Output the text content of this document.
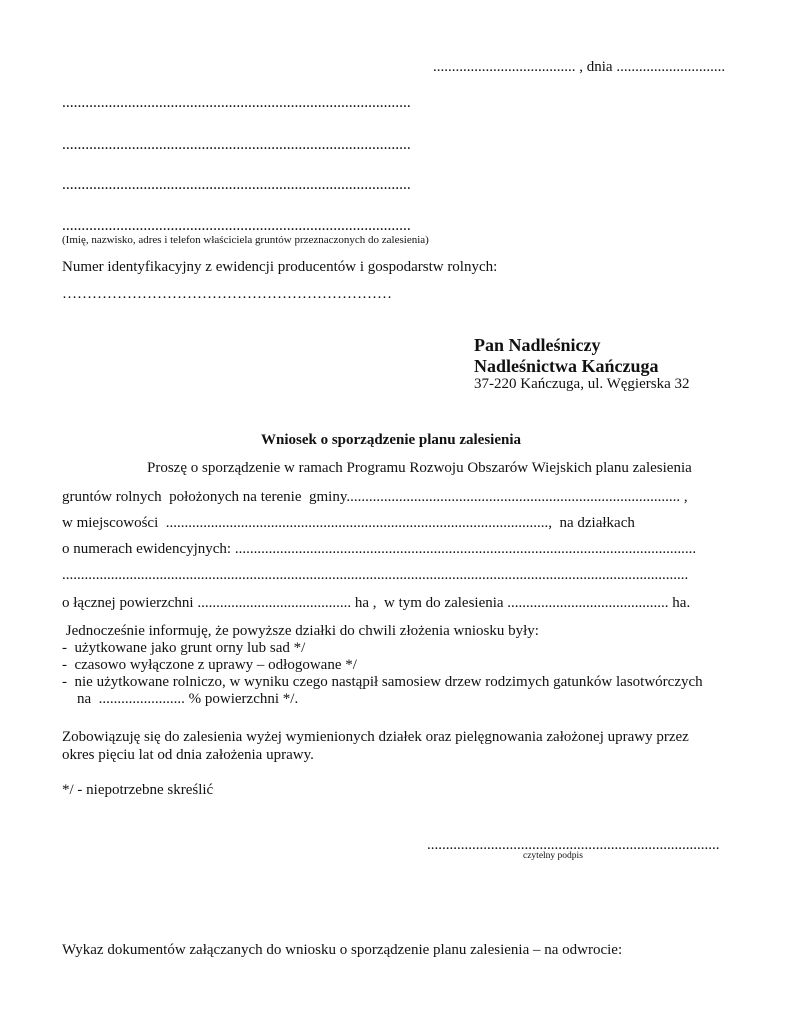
...................................... , dnia .............................
..........................................................................................
..........................................................................................
..........................................................................................
..........................................................................................
(Imię, nazwisko, adres i telefon właściciela gruntów przeznaczonych do zalesienia)
Numer identyfikacyjny z ewidencji producentów i gospodarstw rolnych:
…………………………………………………………
Pan Nadleśniczy
Nadleśnictwa Kańczuga
37-220 Kańczuga, ul. Węgierska 32
Wniosek o sporządzenie planu zalesienia
Proszę o sporządzenie w ramach Programu Rozwoju Obszarów Wiejskich planu zalesienia
gruntów rolnych  położonych na terenie  gminy......................................................................................... ,
w miejscowości  ......................................................................................................,  na działkach
o numerach ewidencyjnych: ...........................................................................................................................
.......................................................................................................................................................................
o łącznej powierzchni ......................................... ha ,  w tym do zalesienia ........................................... ha.
Jednocześnie informuję, że powyższe działki do chwili złożenia wniosku były:
-  użytkowane jako grunt orny lub sad */
-  czasowo wyłączone z uprawy – odłogowane */
-  nie użytkowane rolniczo, w wyniku czego nastąpił samosiew drzew rodzimych gatunków lasotwórczych
na  ....................... % powierzchni */.
Zobowiązuję się do zalesienia wyżej wymienionych działek oraz pielęgnowania założonej uprawy przez
okres pięciu lat od dnia założenia uprawy.
*/ - niepotrzebne skreślić
..............................................................................
czytelny podpis
Wykaz dokumentów załączanych do wniosku o sporządzenie planu zalesienia – na odwrocie:
